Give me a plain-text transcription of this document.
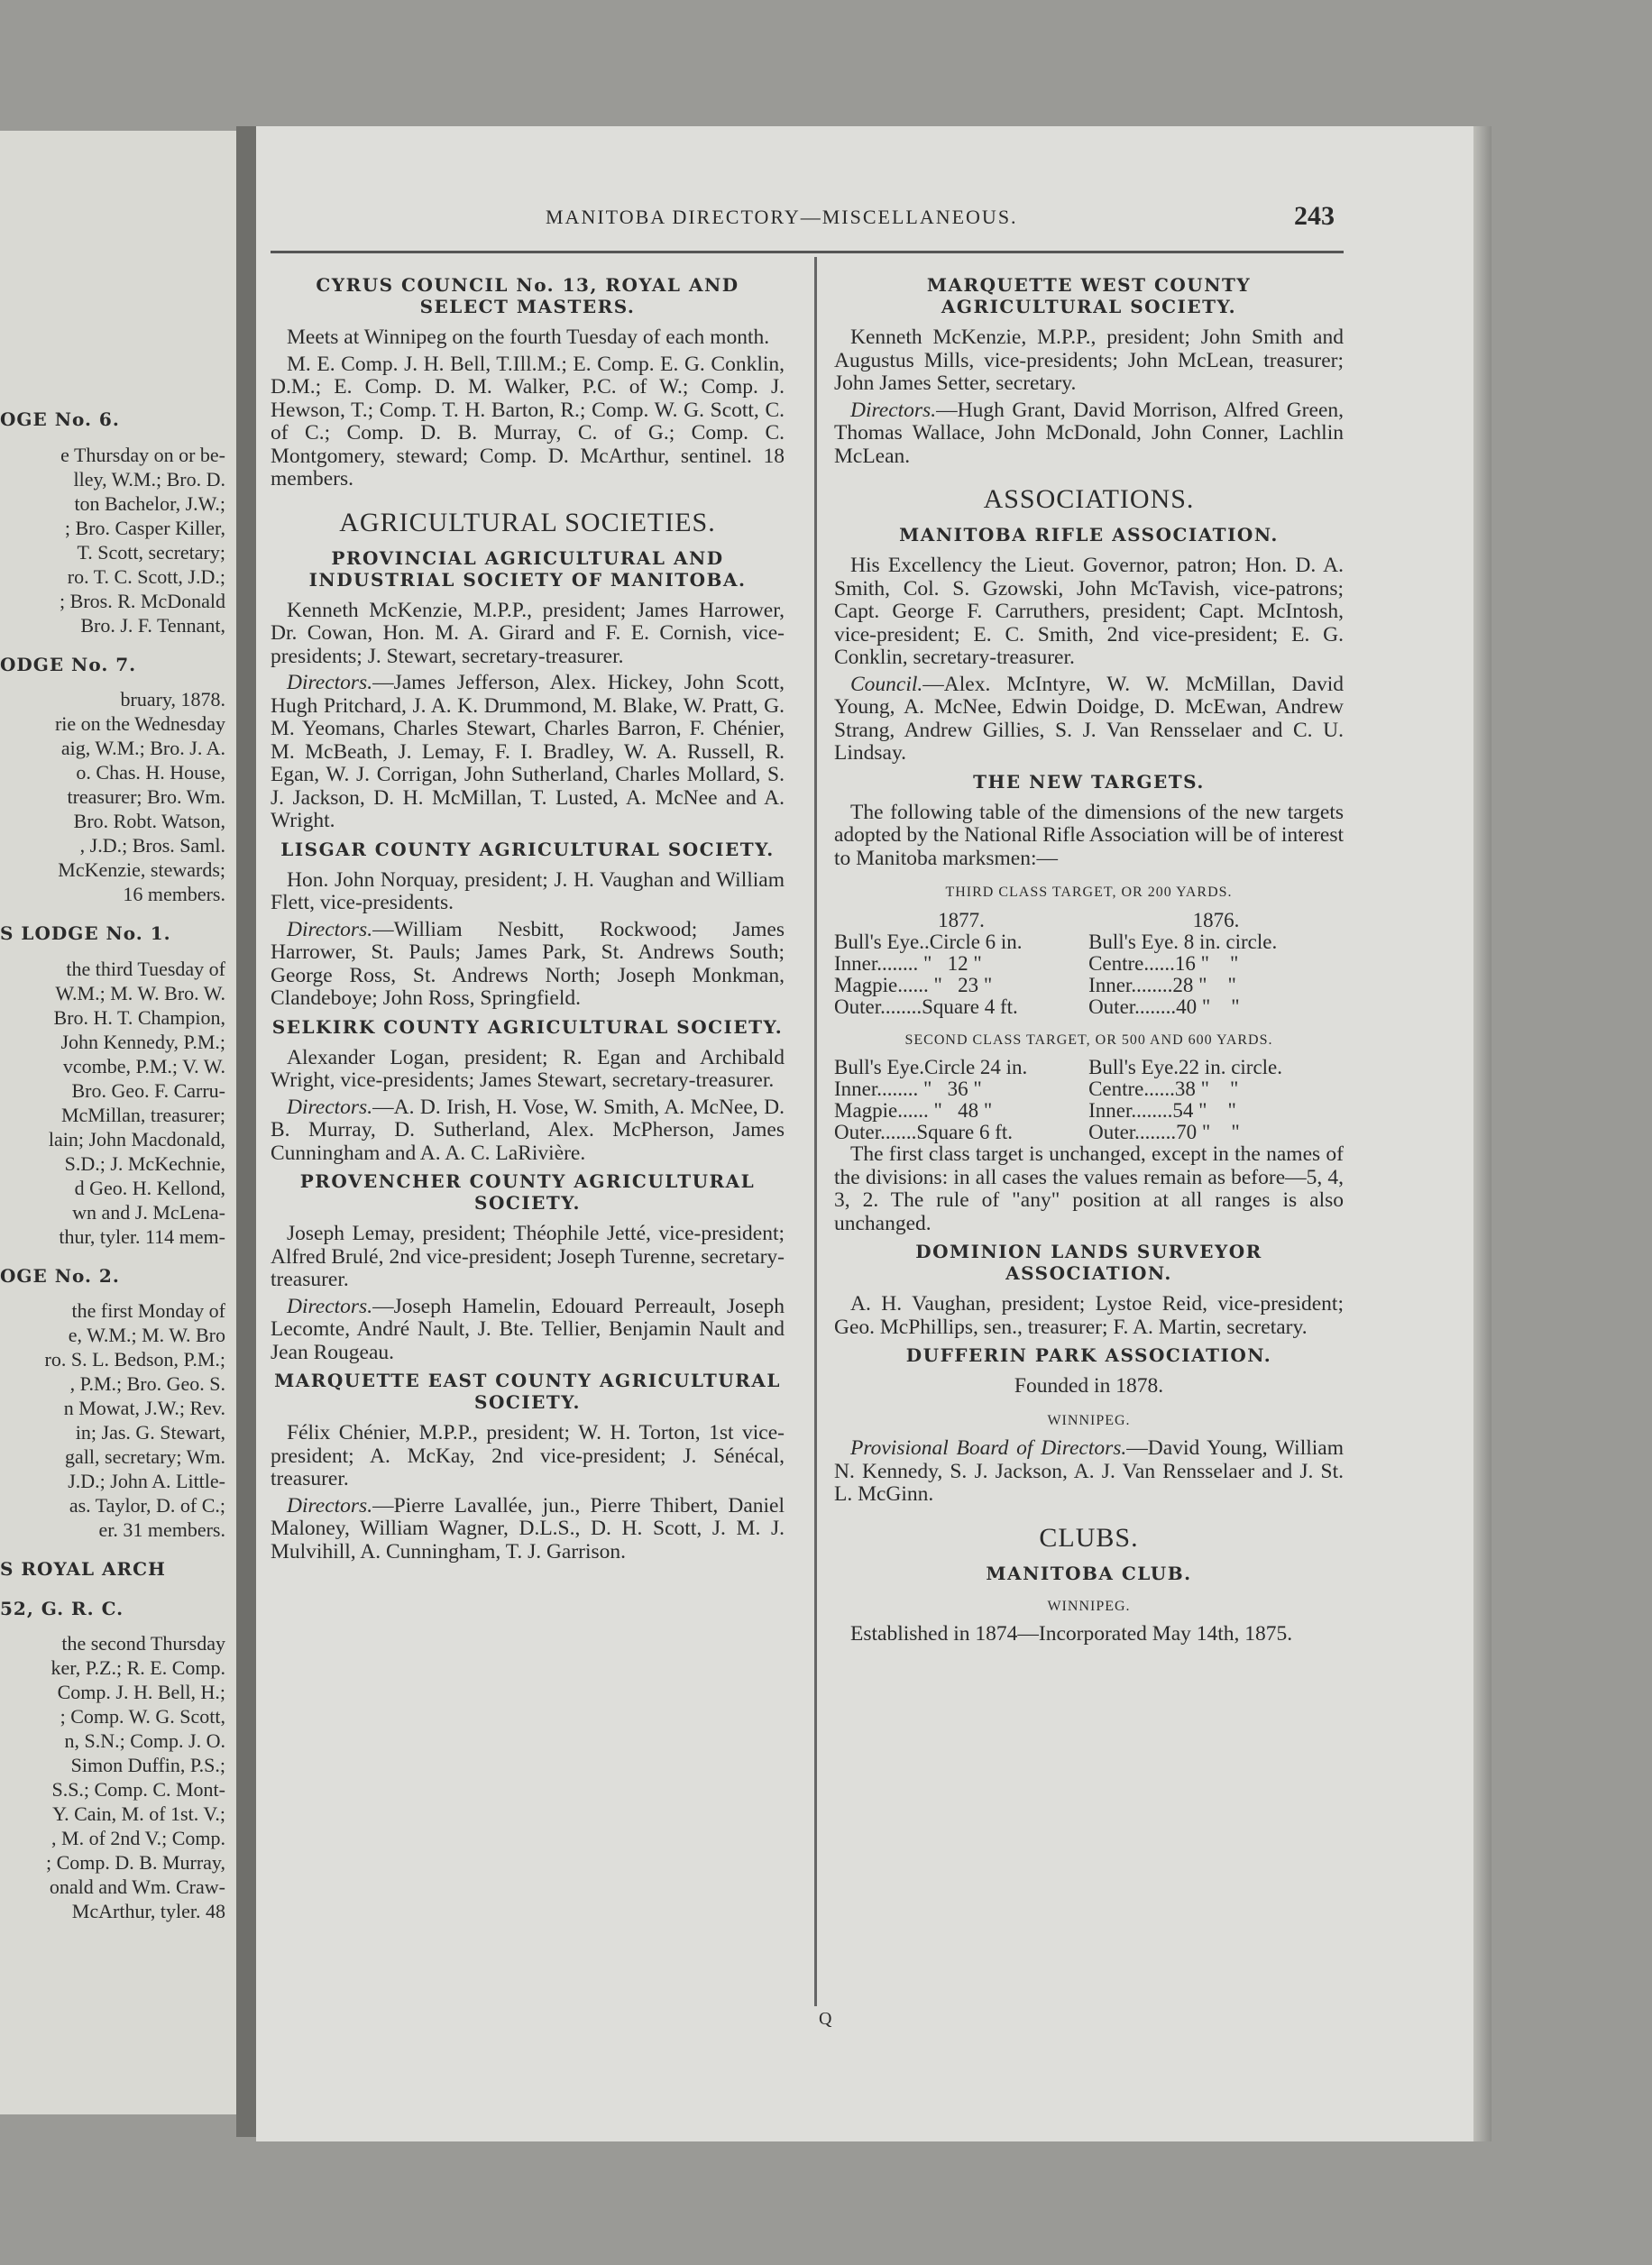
OGE No. 6.
e Thursday on or be-
lley, W.M.; Bro. D.
ton Bachelor, J.W.;
; Bro. Casper Killer,
T. Scott, secretary;
ro. T. C. Scott, J.D.;
; Bros. R. McDonald
Bro. J. F. Tennant,
ODGE No. 7.
bruary, 1878.
rie on the Wednesday
aig, W.M.; Bro. J. A.
o. Chas. H. House,
treasurer; Bro. Wm.
Bro. Robt. Watson,
, J.D.; Bros. Saml.
McKenzie, stewards;
16 members.
S LODGE No. 1.
the third Tuesday of
W.M.; M. W. Bro. W.
Bro. H. T. Champion,
John Kennedy, P.M.;
vcombe, P.M.; V. W.
Bro. Geo. F. Carru-
McMillan, treasurer;
lain; John Macdonald,
S.D.; J. McKechnie,
d Geo. H. Kellond,
wn and J. McLena-
thur, tyler. 114 mem-
OGE No. 2.
the first Monday of
e, W.M.; M. W. Bro
ro. S. L. Bedson, P.M.;
, P.M.; Bro. Geo. S.
n Mowat, J.W.; Rev.
in; Jas. G. Stewart,
gall, secretary; Wm.
J.D.; John A. Little-
as. Taylor, D. of C.;
er. 31 members.
S ROYAL ARCH
52, G. R. C.
the second Thursday
ker, P.Z.; R. E. Comp.
Comp. J. H. Bell, H.;
; Comp. W. G. Scott,
n, S.N.; Comp. J. O.
Simon Duffin, P.S.;
S.S.; Comp. C. Mont-
Y. Cain, M. of 1st. V.;
, M. of 2nd V.; Comp.
; Comp. D. B. Murray,
onald and Wm. Craw-
McArthur, tyler. 48
MANITOBA DIRECTORY—MISCELLANEOUS.	243
CYRUS COUNCIL No. 13, ROYAL AND SELECT MASTERS.
Meets at Winnipeg on the fourth Tuesday of each month.
M. E. Comp. J. H. Bell, T.Ill.M.; E. Comp. E. G. Conklin, D.M.; E. Comp. D. M. Walker, P.C. of W.; Comp. J. Hewson, T.; Comp. T. H. Barton, R.; Comp. W. G. Scott, C. of C.; Comp. D. B. Murray, C. of G.; Comp. C. Montgomery, steward; Comp. D. McArthur, sentinel. 18 members.
AGRICULTURAL SOCIETIES.
PROVINCIAL AGRICULTURAL AND INDUSTRIAL SOCIETY OF MANITOBA.
Kenneth McKenzie, M.P.P., president; James Harrower, Dr. Cowan, Hon. M. A. Girard and F. E. Cornish, vice-presidents; J. Stewart, secretary-treasurer.
Directors.—James Jefferson, Alex. Hickey, John Scott, Hugh Pritchard, J. A. K. Drummond, M. Blake, W. Pratt, G. M. Yeomans, Charles Stewart, Charles Barron, F. Chénier, M. McBeath, J. Lemay, F. I. Bradley, W. A. Russell, R. Egan, W. J. Corrigan, John Sutherland, Charles Mollard, S. J. Jackson, D. H. McMillan, T. Lusted, A. McNee and A. Wright.
LISGAR COUNTY AGRICULTURAL SOCIETY.
Hon. John Norquay, president; J. H. Vaughan and William Flett, vice-presidents.
Directors.—William Nesbitt, Rockwood; James Harrower, St. Pauls; James Park, St. Andrews South; George Ross, St. Andrews North; Joseph Monkman, Clandeboye; John Ross, Springfield.
SELKIRK COUNTY AGRICULTURAL SOCIETY.
Alexander Logan, president; R. Egan and Archibald Wright, vice-presidents; James Stewart, secretary-treasurer.
Directors.—A. D. Irish, H. Vose, W. Smith, A. McNee, D. B. Murray, D. Sutherland, Alex. McPherson, James Cunningham and A. A. C. LaRivière.
PROVENCHER COUNTY AGRICULTURAL SOCIETY.
Joseph Lemay, president; Théophile Jetté, vice-president; Alfred Brulé, 2nd vice-president; Joseph Turenne, secretary-treasurer.
Directors.—Joseph Hamelin, Edouard Perreault, Joseph Lecomte, André Nault, J. Bte. Tellier, Benjamin Nault and Jean Rougeau.
MARQUETTE EAST COUNTY AGRICULTURAL SOCIETY.
Félix Chénier, M.P.P., president; W. H. Torton, 1st vice-president; A. McKay, 2nd vice-president; J. Sénécal, treasurer.
Directors.—Pierre Lavallée, jun., Pierre Thibert, Daniel Maloney, William Wagner, D.L.S., D. H. Scott, J. M. J. Mulvihill, A. Cunningham, T. J. Garrison.
MARQUETTE WEST COUNTY AGRICULTURAL SOCIETY.
Kenneth McKenzie, M.P.P., president; John Smith and Augustus Mills, vice-presidents; John McLean, treasurer; John James Setter, secretary.
Directors.—Hugh Grant, David Morrison, Alfred Green, Thomas Wallace, John McDonald, John Conner, Lachlin McLean.
ASSOCIATIONS.
MANITOBA RIFLE ASSOCIATION.
His Excellency the Lieut. Governor, patron; Hon. D. A. Smith, Col. S. Gzowski, John McTavish, vice-patrons; Capt. George F. Carruthers, president; Capt. McIntosh, vice-president; E. C. Smith, 2nd vice-president; E. G. Conklin, secretary-treasurer.
Council.—Alex. McIntyre, W. W. McMillan, David Young, A. McNee, Edwin Doidge, D. McEwan, Andrew Strang, Andrew Gillies, S. J. Van Rensselaer and C. U. Lindsay.
THE NEW TARGETS.
The following table of the dimensions of the new targets adopted by the National Rifle Association will be of interest to Manitoba marksmen:—
THIRD CLASS TARGET, OR 200 YARDS.
1877.	1876.
Bull's Eye..Circle 6 in.	Bull's Eye. 8 in. circle.
Inner........ "   12 "	Centre......16 "    "
Magpie...... "   23 "	Inner........28 "    "
Outer........Square 4 ft.	Outer........40 "    "
SECOND CLASS TARGET, OR 500 AND 600 YARDS.
Bull's Eye.Circle 24 in.	Bull's Eye.22 in. circle.
Inner........ "   36 "	Centre......38 "    "
Magpie...... "   48 "	Inner........54 "    "
Outer.......Square 6 ft.	Outer........70 "    "
The first class target is unchanged, except in the names of the divisions: in all cases the values remain as before—5, 4, 3, 2. The rule of "any" position at all ranges is also unchanged.
DOMINION LANDS SURVEYOR ASSOCIATION.
A. H. Vaughan, president; Lystoe Reid, vice-president; Geo. McPhillips, sen., treasurer; F. A. Martin, secretary.
DUFFERIN PARK ASSOCIATION.
Founded in 1878.
WINNIPEG.
Provisional Board of Directors.—David Young, William N. Kennedy, S. J. Jackson, A. J. Van Rensselaer and J. St. L. McGinn.
CLUBS.
MANITOBA CLUB.
WINNIPEG.
Established in 1874—Incorporated May 14th, 1875.
Q
